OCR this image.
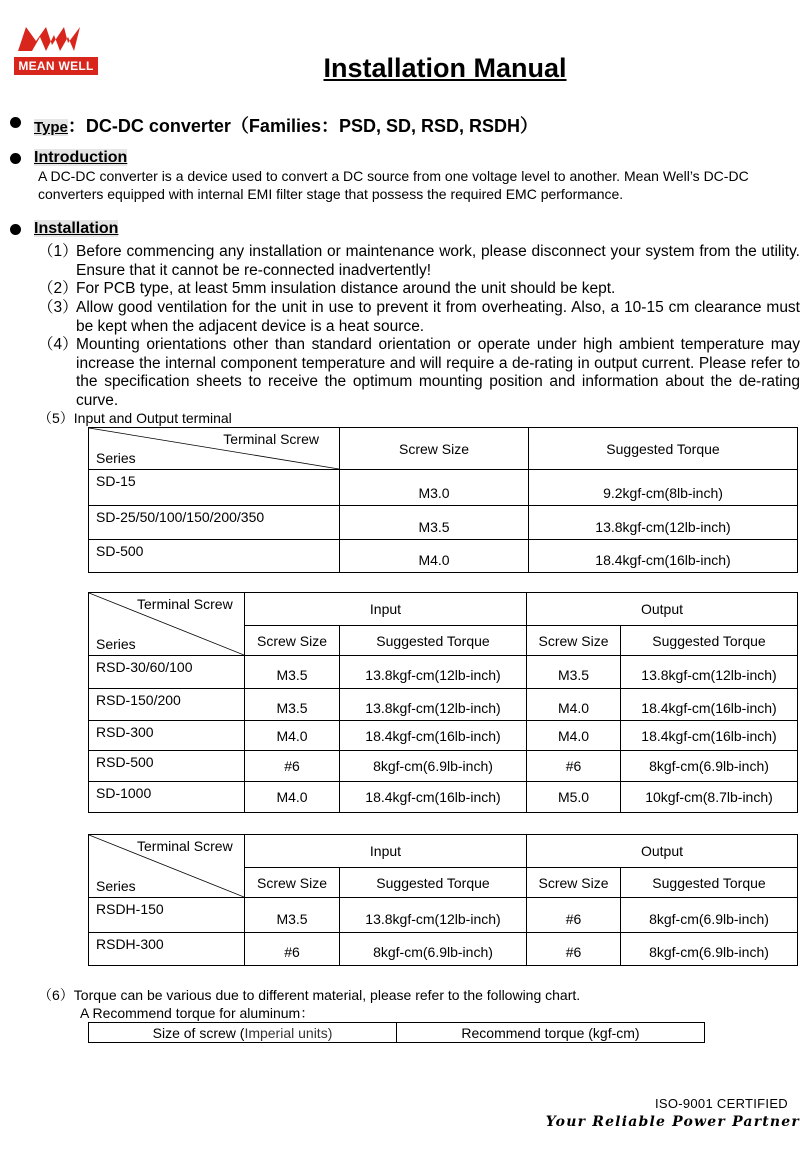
MEAN WELL	Installation Manual
Type：DC-DC converter（Families：PSD, SD, RSD, RSDH）
Introduction
A DC-DC converter is a device used to convert a DC source from one voltage level to another. Mean Well’s DC-DC
converters equipped with internal EMI filter stage that possess the required EMC performance.
Installation
（1）
Before commencing any installation or maintenance work, please disconnect your system from the utility. Ensure that it cannot be re-connected inadvertently!
（2）
For PCB type, at least 5mm insulation distance around the unit should be kept.
（3）
Allow good ventilation for the unit in use to prevent it from overheating. Also, a 10-15 cm clearance must be kept when the adjacent device is a heat source.
（4）
Mounting orientations other than standard orientation or operate under high ambient temperature may increase the internal component temperature and will require a de-rating in output current. Please refer to the specification sheets to receive the optimum mounting position and information about the de-rating curve.
（5）Input and Output terminal
Terminal Screw
Series	Screw Size	Suggested Torque
SD-15	M3.0	9.2kgf-cm(8lb-inch)
SD-25/50/100/150/200/350	M3.5	13.8kgf-cm(12lb-inch)
SD-500	M4.0	18.4kgf-cm(16lb-inch)
Terminal Screw
Series	Input		Output	
	Screw Size	Suggested Torque	Screw Size	Suggested Torque
RSD-30/60/100	M3.5	13.8kgf-cm(12lb-inch)	M3.5	13.8kgf-cm(12lb-inch)
RSD-150/200	M3.5	13.8kgf-cm(12lb-inch)	M4.0	18.4kgf-cm(16lb-inch)
RSD-300	M4.0	18.4kgf-cm(16lb-inch)	M4.0	18.4kgf-cm(16lb-inch)
RSD-500	#6	8kgf-cm(6.9lb-inch)	#6	8kgf-cm(6.9lb-inch)
SD-1000	M4.0	18.4kgf-cm(16lb-inch)	M5.0	10kgf-cm(8.7lb-inch)
Terminal Screw
Series	Input		Output	
	Screw Size	Suggested Torque	Screw Size	Suggested Torque
RSDH-150	M3.5	13.8kgf-cm(12lb-inch)	#6	8kgf-cm(6.9lb-inch)
RSDH-300	#6	8kgf-cm(6.9lb-inch)	#6	8kgf-cm(6.9lb-inch)
（6）Torque can be various due to different material, please refer to the following chart.
A Recommend torque for aluminum：
Size of screw (Imperial units)	Recommend torque (kgf-cm)
ISO-9001 CERTIFIED
Your Reliable Power Partner
